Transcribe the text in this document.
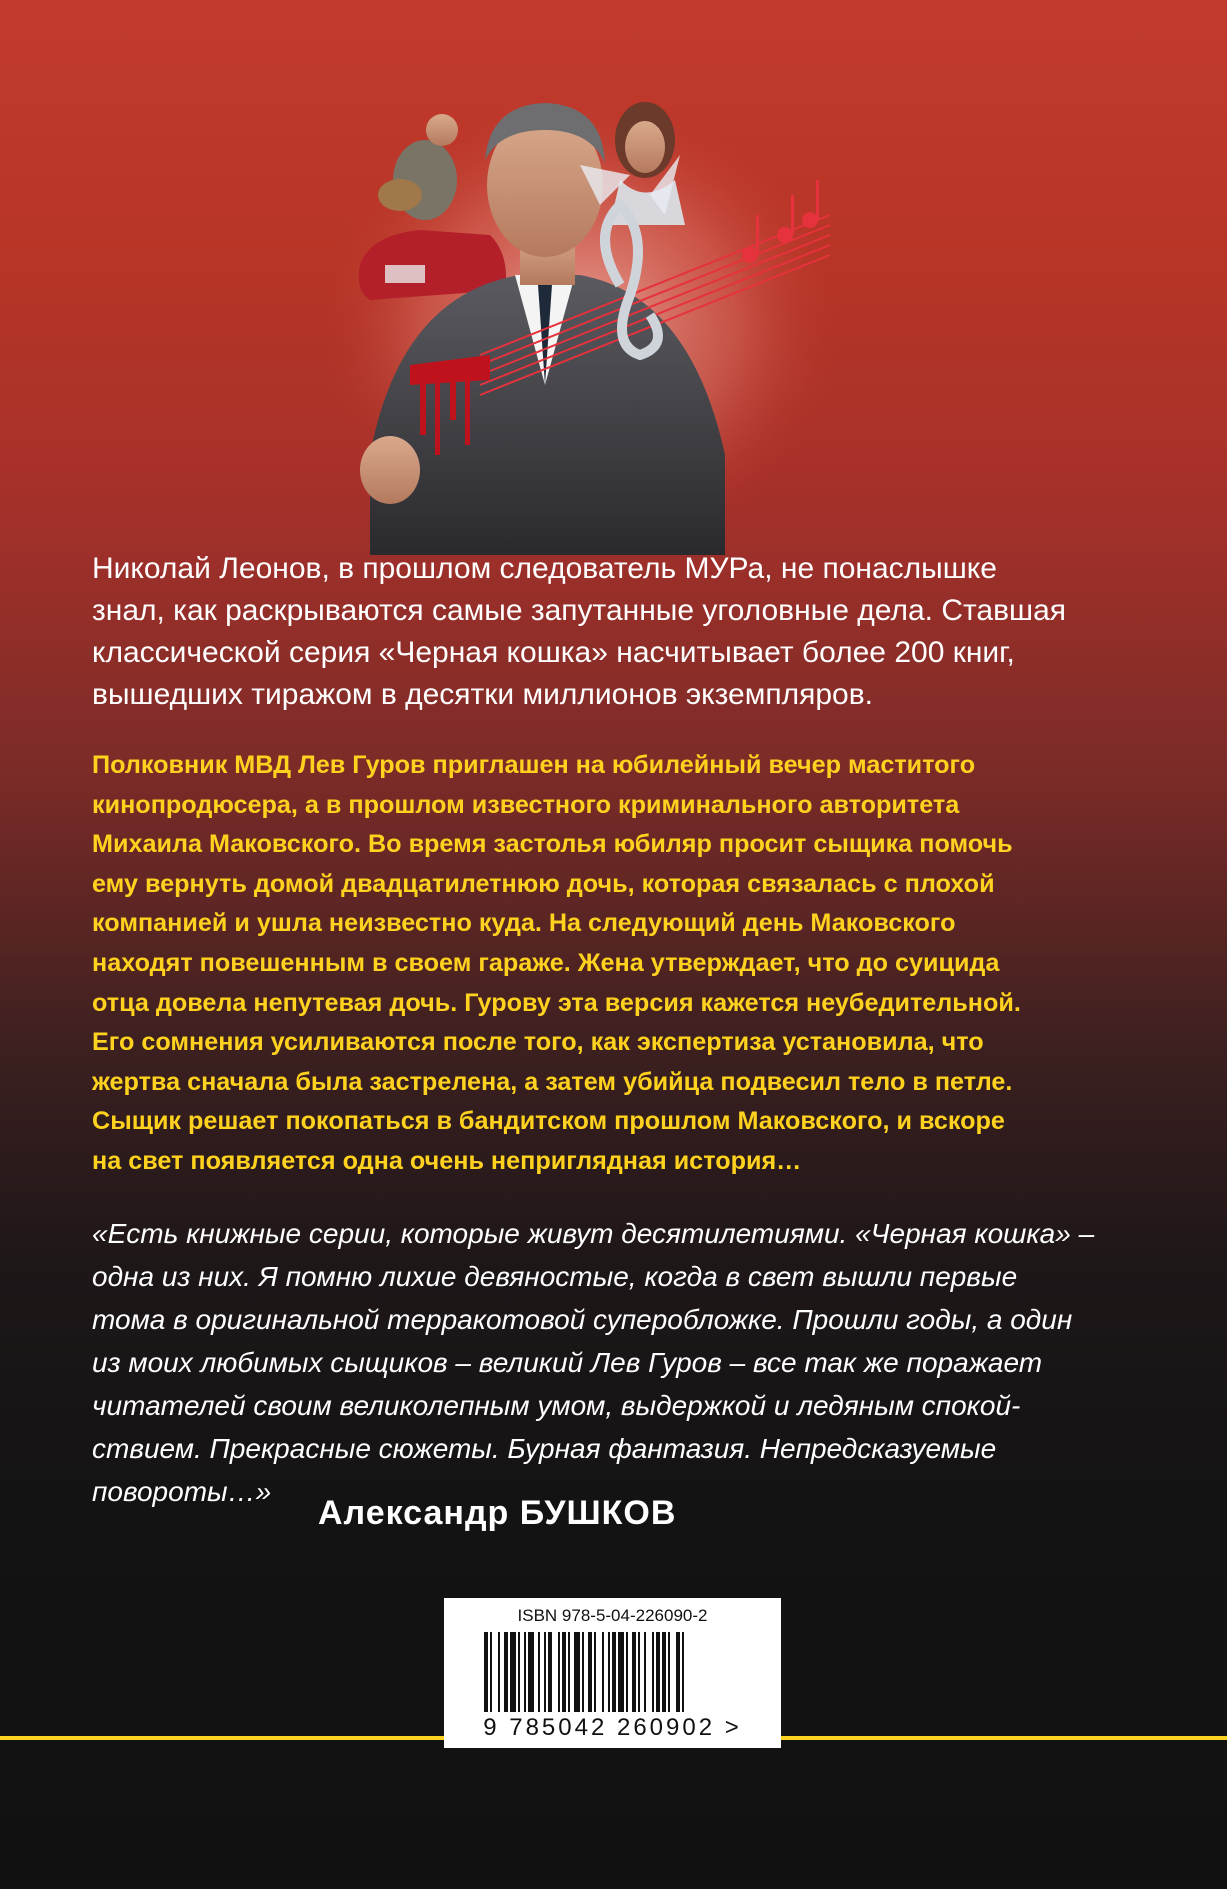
Николай Леонов, в прошлом следователь МУРа, не понаслышке
знал, как раскрываются самые запутанные уголовные дела. Ставшая
классической серия «Черная кошка» насчитывает более 200 книг,
вышедших тиражом в десятки миллионов экземпляров.
Полковник МВД Лев Гуров приглашен на юбилейный вечер маститого
кинопродюсера, а в прошлом известного криминального авторитета
Михаила Маковского. Во время застолья юбиляр просит сыщика помочь
ему вернуть домой двадцатилетнюю дочь, которая связалась с плохой
компанией и ушла неизвестно куда. На следующий день Маковского
находят повешенным в своем гараже. Жена утверждает, что до суицида
отца довела непутевая дочь. Гурову эта версия кажется неубедительной.
Его сомнения усиливаются после того, как экспертиза установила, что
жертва сначала была застрелена, а затем убийца подвесил тело в петле.
Сыщик решает покопаться в бандитском прошлом Маковского, и вскоре
на свет появляется одна очень неприглядная история…
«Есть книжные серии, которые живут десятилетиями. «Черная кошка» –
одна из них. Я помню лихие девяностые, когда в свет вышли первые
тома в оригинальной терракотовой суперобложке. Прошли годы, а один
из моих любимых сыщиков – великий Лев Гуров – все так же поражает
читателей своим великолепным умом, выдержкой и ледяным спокой-
ствием. Прекрасные сюжеты. Бурная фантазия. Непредсказуемые
повороты…»
Александр БУШКОВ
ISBN 978-5-04-226090-2
9 785042 260902 >
